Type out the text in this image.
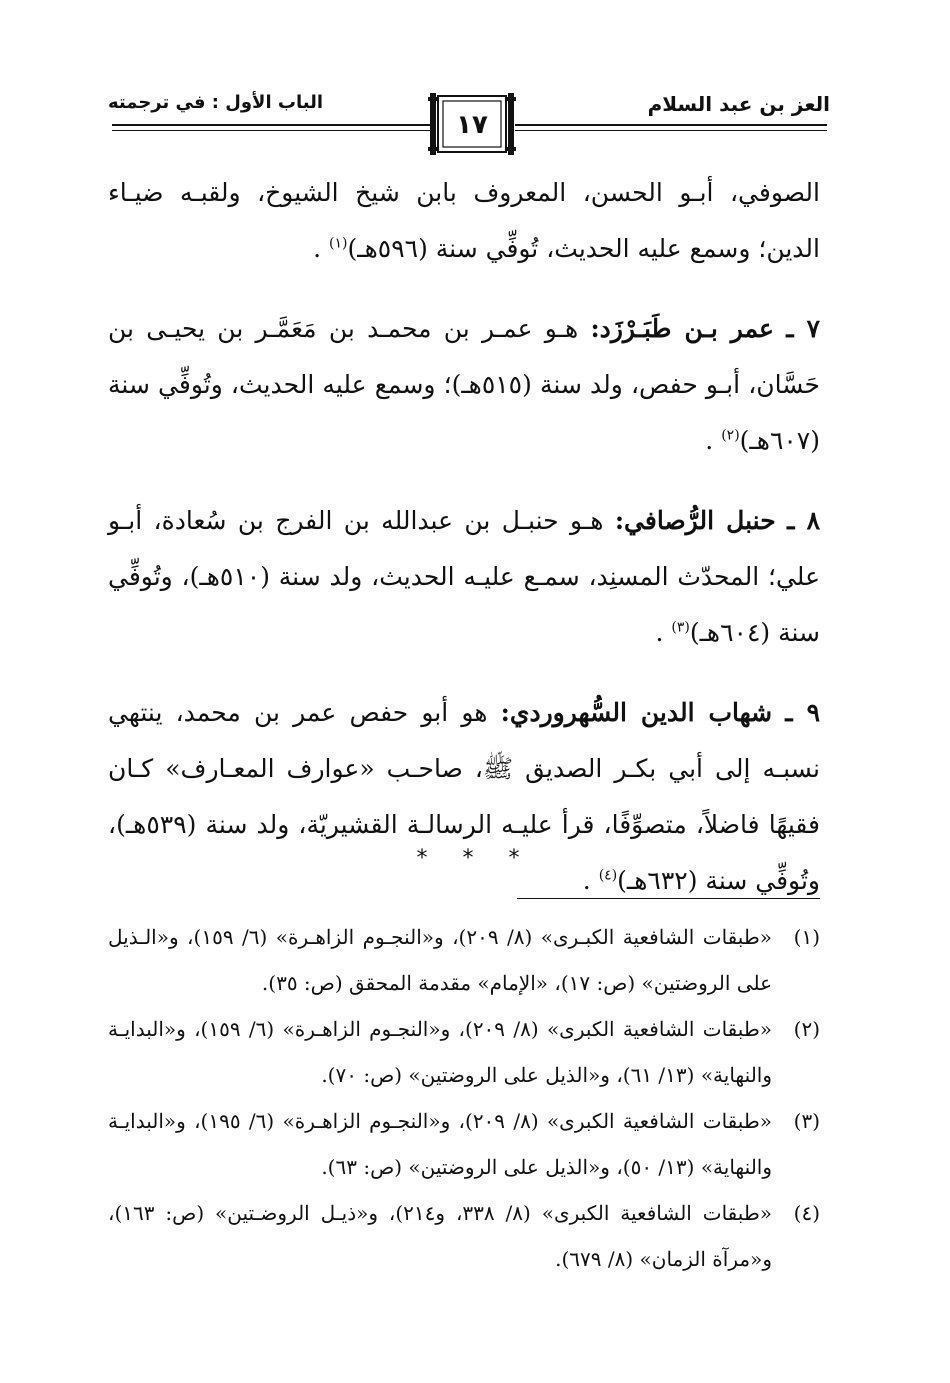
العز بن عبد السلام
الباب الأول : في ترجمته
١٧

الصوفي، أبـو الحسن، المعروف بابن شيخ الشيوخ، ولقبـه ضيـاء الدين؛ وسمع عليه الحديث، تُوفِّي سنة (٥٩٦هـ)$^{(١)}$ .

٧ ـ عمر بـن طَبَـرْزَد: هـو عمـر بن محمـد بن مَعَمَّـر بن يحيـى بن حَسَّان، أبـو حفص، ولد سنة (٥١٥هـ)؛ وسمع عليه الحديث، وتُوفِّي سنة (٦٠٧هـ)$^{(٢)}$ .

٨ ـ حنبل الرُّصافي: هـو حنبـل بن عبدالله بن الفرج بن سُعادة، أبـو علي؛ المحدّث المسنِد، سمـع عليـه الحديث، ولد سنة (٥١٠هـ)، وتُوفِّي سنة (٦٠٤هـ)$^{(٣)}$ .

٩ ـ شهاب الدين السُّهروردي: هو أبو حفص عمر بن محمد، ينتهي نسبـه إلى أبي بكـر الصديق ﷺ، صاحـب «عوارف المعـارف» كـان فقيهًا فاضلاً، متصوِّفًا، قرأ عليـه الرسالـة القشيريّة، ولد سنة (٥٣٩هـ)، وتُوفِّي سنة (٦٣٢هـ)$^{(٤)}$ .

* * *
(١)
«طبقات الشافعية الكبـرى» (٨/ ٢٠٩)، و«النجـوم الزاهـرة» (٦/ ١٥٩)، و«الـذيل على الروضتين» (ص: ١٧)، «الإمام» مقدمة المحقق (ص: ٣٥).
(٢)
«طبقات الشافعية الكبرى» (٨/ ٢٠٩)، و«النجـوم الزاهـرة» (٦/ ١٥٩)، و«البدايـة والنهاية» (١٣/ ٦١)، و«الذيل على الروضتين» (ص: ٧٠).
(٣)
«طبقات الشافعية الكبرى» (٨/ ٢٠٩)، و«النجـوم الزاهـرة» (٦/ ١٩٥)، و«البدايـة والنهاية» (١٣/ ٥٠)، و«الذيل على الروضتين» (ص: ٦٣).
(٤)
«طبقات الشافعية الكبرى» (٨/ ٣٣٨، و٢١٤)، و«ذيـل الروضـتين» (ص: ١٦٣)، و«مرآة الزمان» (٨/ ٦٧٩).
